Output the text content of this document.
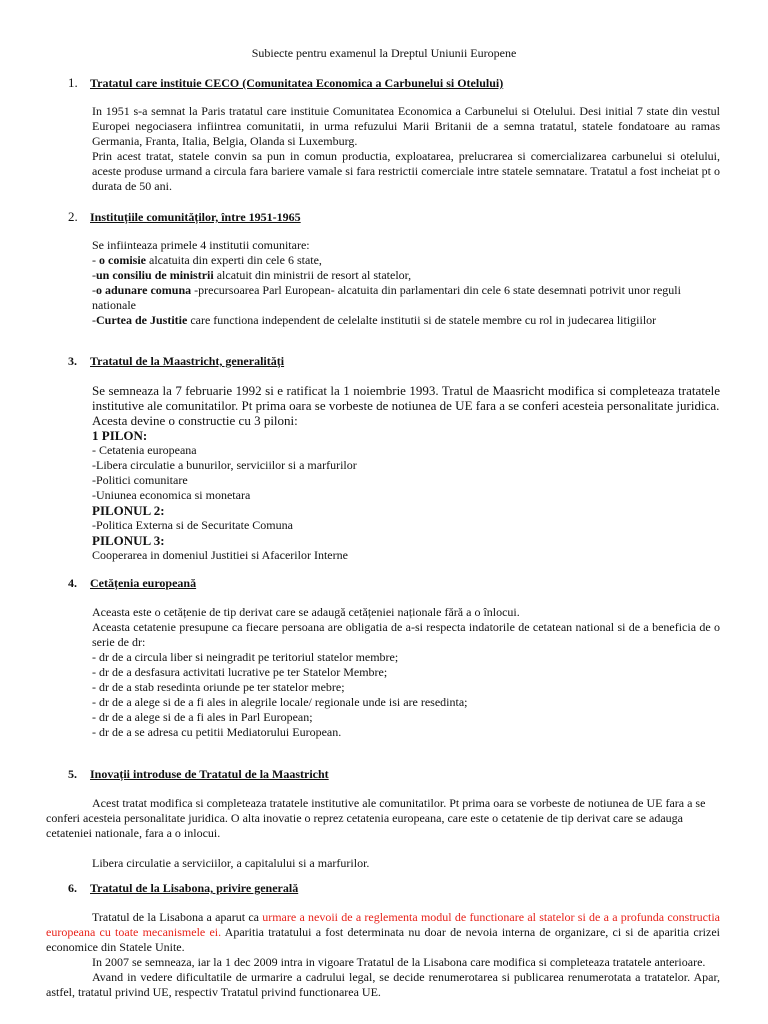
Subiecte pentru examenul la Dreptul Uniunii Europene
1. Tratatul care instituie CECO (Comunitatea Economica a Carbunelui si Otelului)

In 1951 s-a semnat la Paris tratatul care instituie Comunitatea Economica a Carbunelui si Otelului. Desi initial 7 state din vestul Europei negociasera infiintrea comunitatii, in urma refuzului Marii Britanii de a semna tratatul, statele fondatoare au ramas Germania, Franta, Italia, Belgia, Olanda si Luxemburg.

Prin acest tratat, statele convin sa pun in comun productia, exploatarea, prelucrarea si comercializarea carbunelui si otelului, aceste produse urmand a circula fara bariere vamale si fara restrictii comerciale intre statele semnatare. Tratatul a fost incheiat pt o durata de 50 ani.

2. Instituțiile comunităților, între 1951-1965

Se infiinteaza primele 4 institutii comunitare:

- o comisie alcatuita din experti din cele 6 state,

-un consiliu de ministrii alcatuit din ministrii de resort al statelor,

-o adunare comuna -precursoarea Parl European- alcatuita din parlamentari din cele 6 state desemnati potrivit unor reguli nationale

-Curtea de Justitie care functiona independent de celelalte institutii si de statele membre cu rol in judecarea litigiilor

3. Tratatul de la Maastricht, generalități

Se semneaza la 7 februarie 1992 si e ratificat la 1 noiembrie 1993. Tratul de Maasricht modifica si completeaza tratatele institutive ale comunitatilor. Pt prima oara se vorbeste de notiunea de UE fara a se conferi acesteia personalitate juridica.

Acesta devine o constructie cu 3 piloni:

1 PILON:

- Cetatenia europeana

-Libera circulatie a bunurilor, serviciilor si a marfurilor

-Politici comunitare

-Uniunea economica si monetara

PILONUL 2:

-Politica Externa si de Securitate Comuna

PILONUL 3:

Cooperarea in domeniul Justitiei si Afacerilor Interne

4. Cetățenia europeană

Aceasta este o cetățenie de tip derivat care se adaugă cetățeniei naționale fără a o înlocui.

Aceasta cetatenie presupune ca fiecare persoana are obligatia de a-si respecta indatorile de cetatean national si de a beneficia de o serie de dr:

- dr de a circula liber si neingradit pe teritoriul statelor membre;

- dr de a desfasura activitati lucrative pe ter Statelor Membre;

- dr de a stab resedinta oriunde pe ter statelor mebre;

- dr de a alege si de a fi ales in alegrile locale/ regionale unde isi are resedinta;

- dr de a alege si de a fi ales in Parl European;

- dr de a se adresa cu petitii Mediatorului European.

5. Inovații introduse de Tratatul de la Maastricht

Acest tratat modifica si completeaza tratatele institutive ale comunitatilor. Pt prima oara se vorbeste de notiunea de UE fara a se conferi acesteia personalitate juridica. O alta inovatie o reprez cetatenia europeana, care este o cetatenie de tip derivat care se adauga cetateniei nationale, fara a o inlocui.

Libera circulatie a serviciilor, a capitalului si a marfurilor.

6. Tratatul de la Lisabona, privire generală

Tratatul de la Lisabona a aparut ca urmare a nevoii de a reglementa modul de functionare al statelor si de a a profunda constructia europeana cu toate mecanismele ei. Aparitia tratatului a fost determinata nu doar de nevoia interna de organizare, ci si de aparitia crizei economice din Statele Unite.

In 2007 se semneaza, iar la 1 dec 2009 intra in vigoare Tratatul de la Lisabona care modifica si completeaza tratatele anterioare.

Avand in vedere dificultatile de urmarire a cadrului legal, se decide renumerotarea si publicarea renumerotata a tratatelor. Apar, astfel, tratatul privind UE, respectiv Tratatul privind functionarea UE.
